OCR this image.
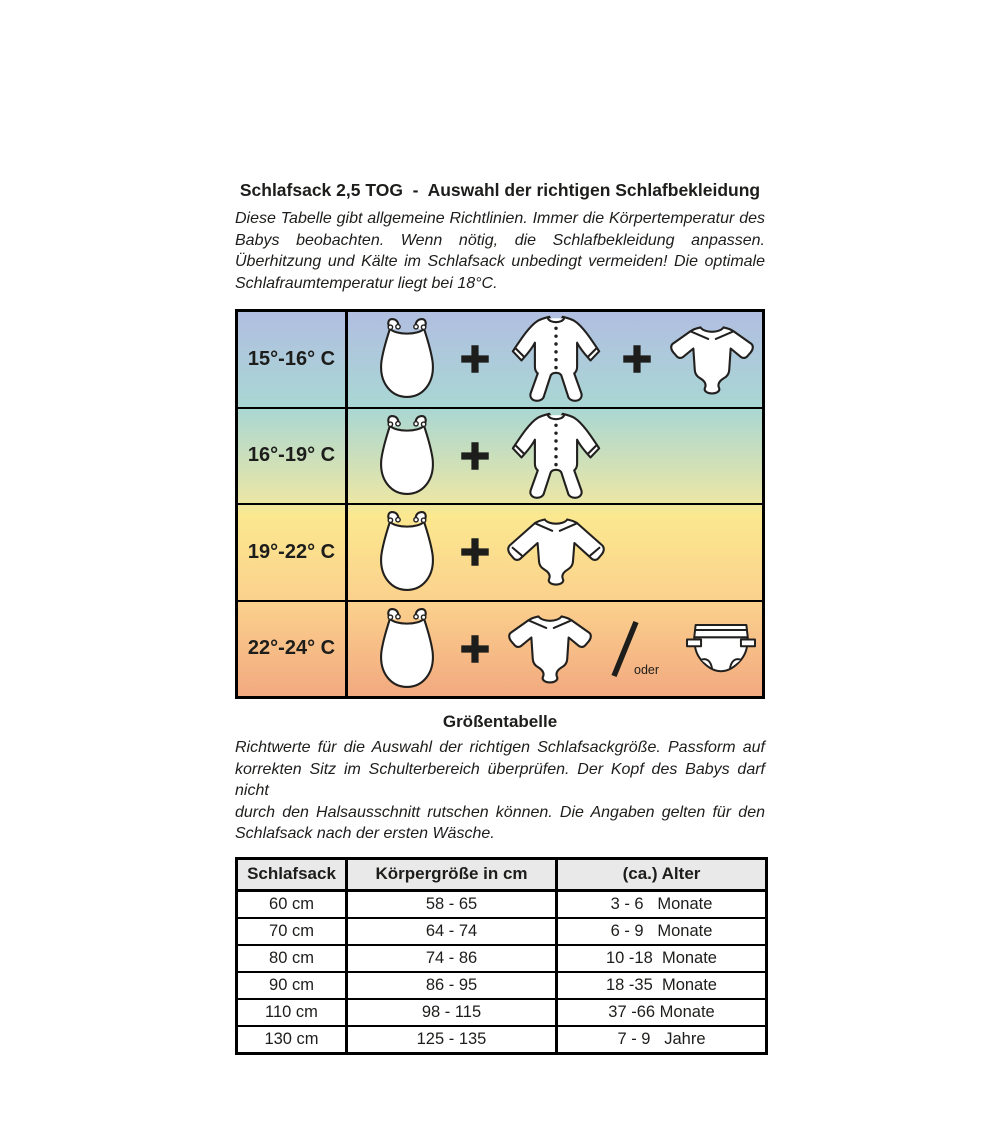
Schlafsack 2,5 TOG  -  Auswahl der richtigen Schlafbekleidung
Diese Tabelle gibt allgemeine Richtlinien. Immer die Körpertemperatur des
Babys beobachten. Wenn nötig, die Schlafbekleidung anpassen.
Überhitzung und Kälte im Schlafsack unbedingt vermeiden! Die optimale
Schlafraumtemperatur liegt bei 18°C.
15°-16° C
16°-19° C
19°-22° C
22°-24° C
oder
Größentabelle
Richtwerte für die Auswahl der richtigen Schlafsackgröße. Passform auf
korrekten Sitz im Schulterbereich überprüfen. Der Kopf des Babys darf nicht
durch den Halsausschnitt rutschen können. Die Angaben gelten für den
Schlafsack nach der ersten Wäsche.
Schlafsack	Körpergröße in cm	(ca.) Alter
60 cm	58 - 65	3 - 6   Monate
70 cm	64 - 74	6 - 9   Monate
80 cm	74 - 86	10 -18  Monate
90 cm	86 - 95	18 -35  Monate
110 cm	98 - 115	37 -66 Monate
130 cm	125 - 135	7 - 9   Jahre
